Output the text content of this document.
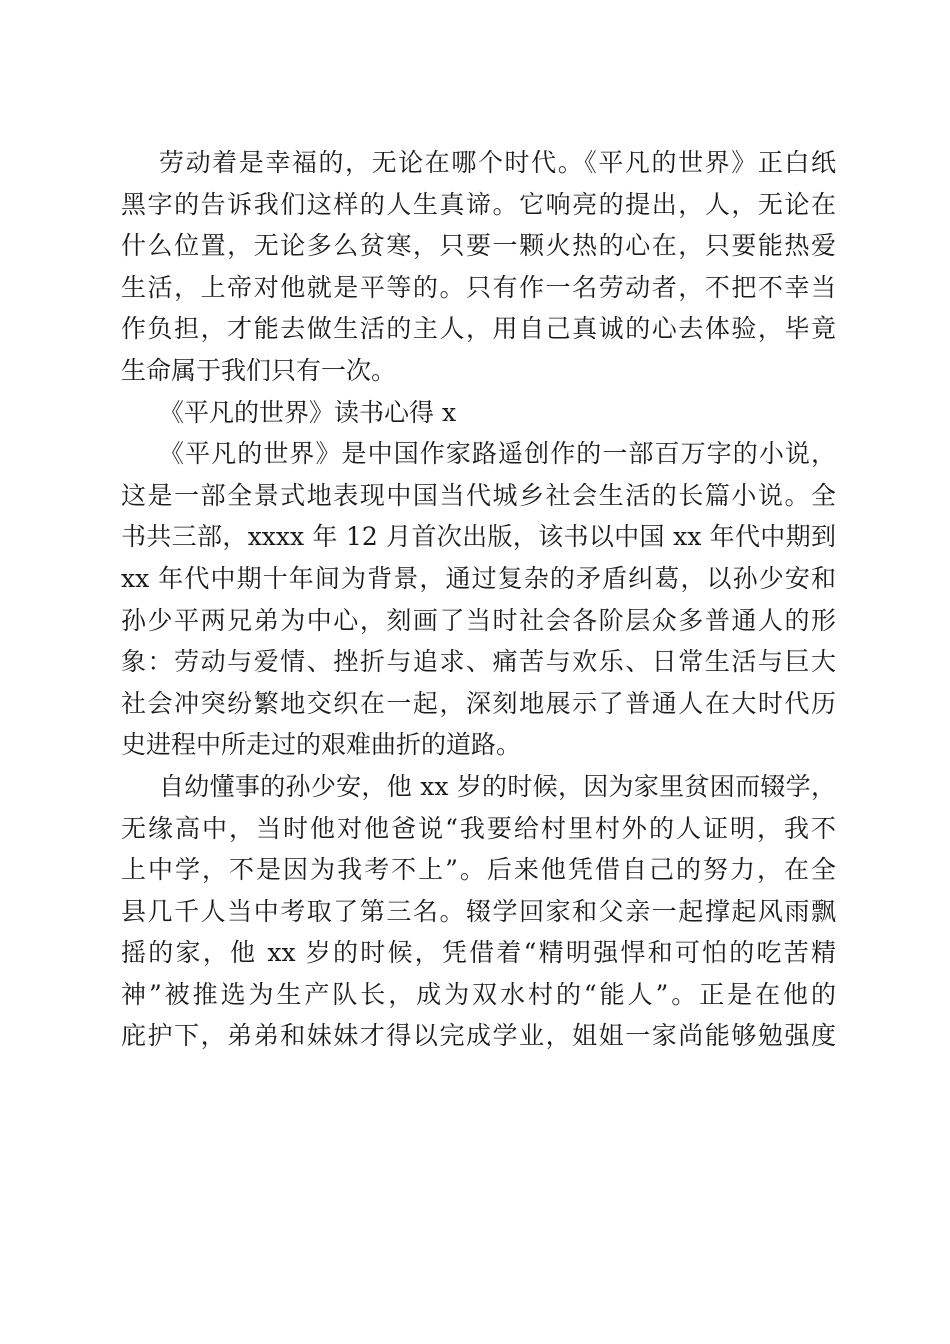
劳动着是幸福的，无论在哪个时代。《平凡的世界》正白纸
黑字的告诉我们这样的人生真谛。它响亮的提出，人，无论在
什么位置，无论多么贫寒，只要一颗火热的心在，只要能热爱
生活，上帝对他就是平等的。只有作一名劳动者，不把不幸当
作负担，才能去做生活的主人，用自己真诚的心去体验，毕竟
生命属于我们只有一次。
《平凡的世界》读书心得 x
《平凡的世界》是中国作家路遥创作的一部百万字的小说，
这是一部全景式地表现中国当代城乡社会生活的长篇小说。全
书共三部，xxxx 年 12 月首次出版，该书以中国 xx 年代中期到
xx 年代中期十年间为背景，通过复杂的矛盾纠葛，以孙少安和
孙少平两兄弟为中心，刻画了当时社会各阶层众多普通人的形
象：劳动与爱情、挫折与追求、痛苦与欢乐、日常生活与巨大
社会冲突纷繁地交织在一起，深刻地展示了普通人在大时代历
史进程中所走过的艰难曲折的道路。
自幼懂事的孙少安，他 xx 岁的时候，因为家里贫困而辍学，
无缘高中，当时他对他爸说“我要给村里村外的人证明，我不
上中学，不是因为我考不上”。后来他凭借自己的努力，在全
县几千人当中考取了第三名。辍学回家和父亲一起撑起风雨飘
摇的家，他 xx 岁的时候，凭借着“精明强悍和可怕的吃苦精
神”被推选为生产队长，成为双水村的“能人”。正是在他的
庇护下，弟弟和妹妹才得以完成学业，姐姐一家尚能够勉强度
